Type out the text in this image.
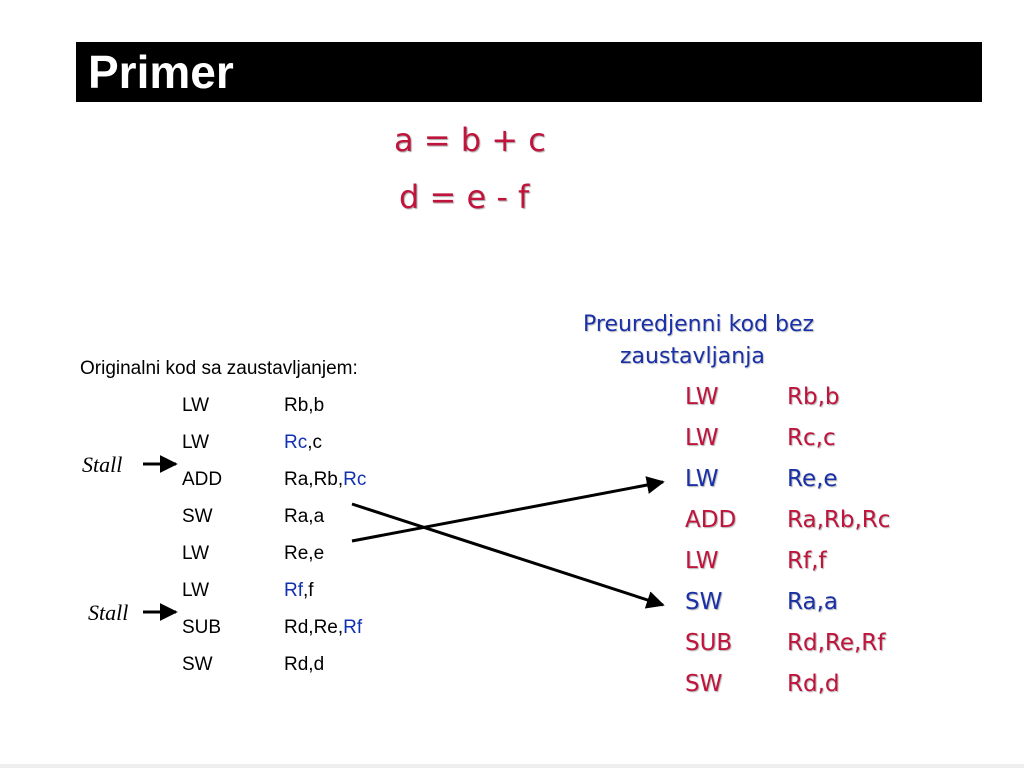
Primer
a = b + c
d = e - f
Originalni kod sa zaustavljanjem:
LW	Rb,b
LW	Rc,c
ADD	Ra,Rb,Rc
SW	Ra,a
LW	Re,e
LW	Rf,f
SUB	Rd,Re,Rf
SW	Rd,d
Preuredjenni kod bez
zaustavljanja
LW	Rb,b
LW	Rc,c
LW	Re,e
ADD Ra,Rb,Rc
LW	Rf,f
SW	Ra,a
SUB Rd,Re,Rf
SW	Rd,d
Stall
Stall
